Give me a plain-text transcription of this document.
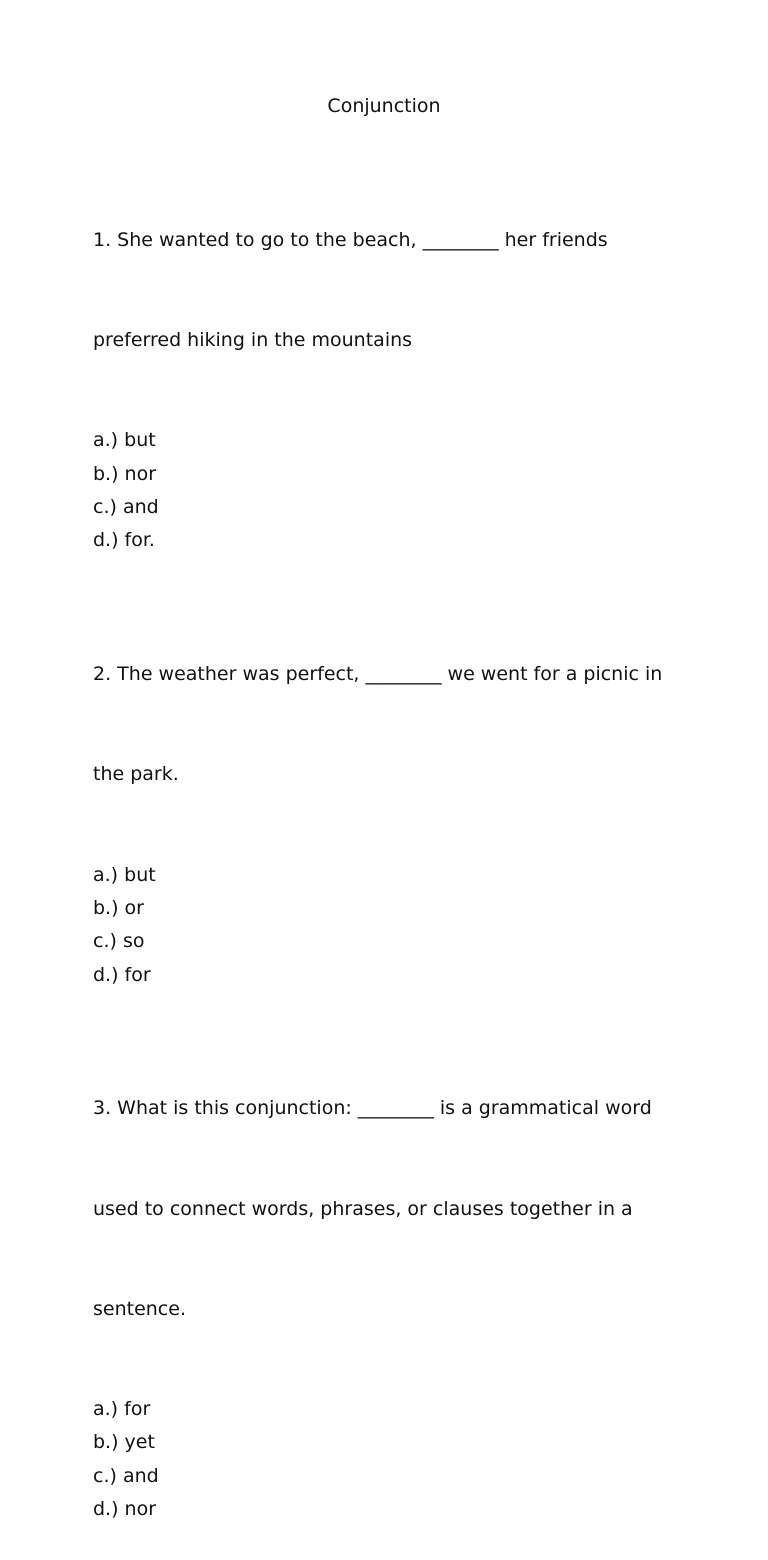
Conjunction

1. She wanted to go to the beach, ________ her friends

preferred hiking in the mountains

a.) but
b.) nor
c.) and
d.) for.

2. The weather was perfect, ________ we went for a picnic in

the park.

a.) but
b.) or
c.) so
d.) for

3. What is this conjunction: ________ is a grammatical word

used to connect words, phrases, or clauses together in a

sentence.

a.) for
b.) yet
c.) and
d.) nor
